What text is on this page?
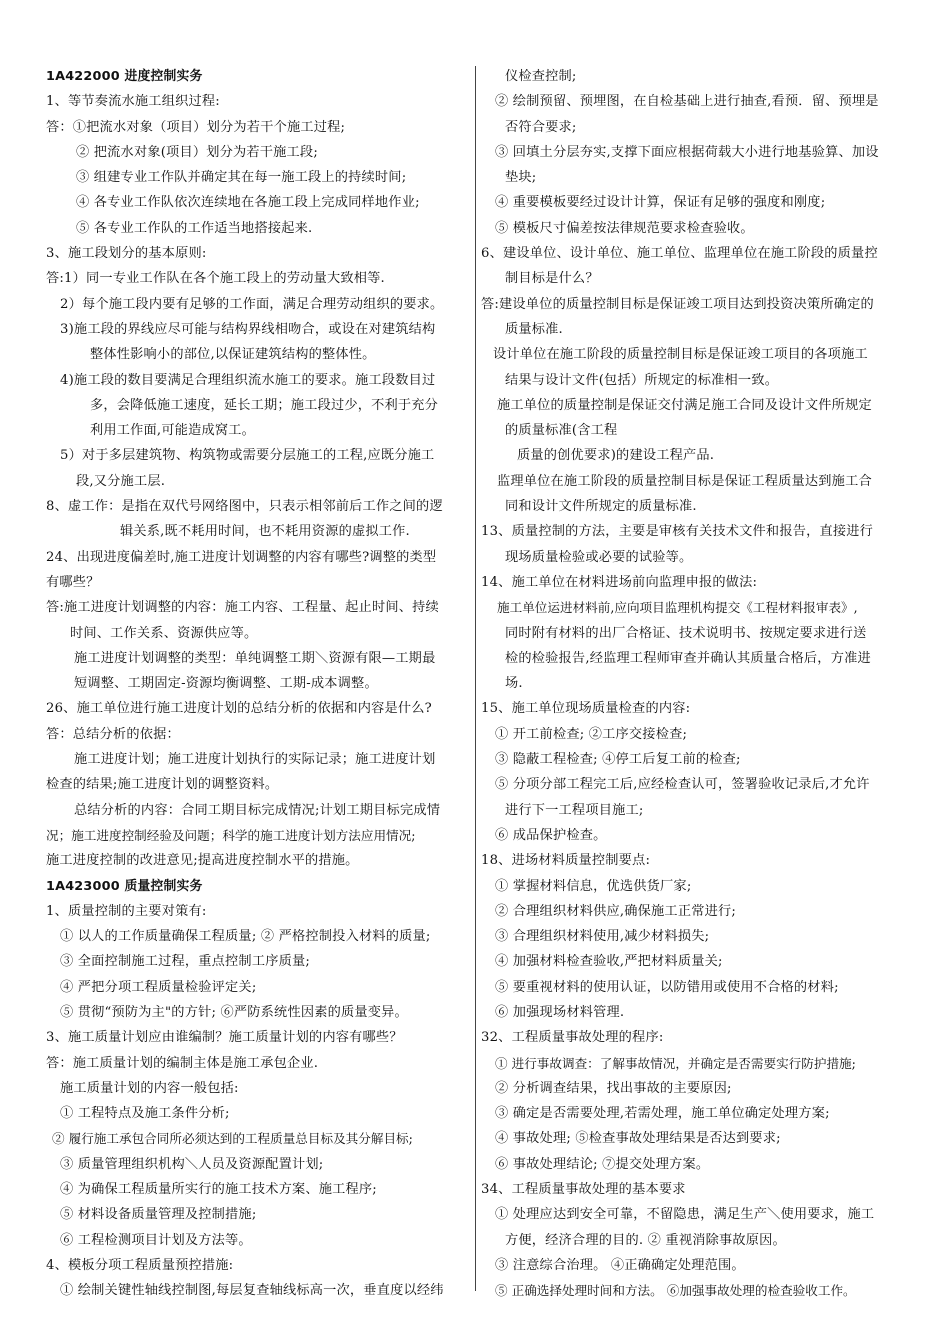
1A422000 进度控制实务
1、等节奏流水施工组织过程:
答：①把流水对象（项目）划分为若干个施工过程;
② 把流水对象(项目）划分为若干施工段;
③ 组建专业工作队并确定其在每一施工段上的持续时间;
④ 各专业工作队依次连续地在各施工段上完成同样地作业;
⑤ 各专业工作队的工作适当地搭接起来.
3、施工段划分的基本原则:
答:1）同一专业工作队在各个施工段上的劳动量大致相等.
2）每个施工段内要有足够的工作面，满足合理劳动组织的要求。
3)施工段的界线应尽可能与结构界线相吻合，或设在对建筑结构
整体性影响小的部位,以保证建筑结构的整体性。
4)施工段的数目要满足合理组织流水施工的要求。施工段数目过
多，会降低施工速度，延长工期；施工段过少，不利于充分
利用工作面,可能造成窝工。
5）对于多层建筑物、构筑物或需要分层施工的工程,应既分施工
段,又分施工层.
8、虚工作：是指在双代号网络图中，只表示相邻前后工作之间的逻
辑关系,既不耗用时间，也不耗用资源的虚拟工作.
24、出现进度偏差时,施工进度计划调整的内容有哪些?调整的类型
有哪些？
答:施工进度计划调整的内容：施工内容、工程量、起止时间、持续
时间、工作关系、资源供应等。
施工进度计划调整的类型：单纯调整工期＼资源有限—工期最
短调整、工期固定-资源均衡调整、工期-成本调整。
26、施工单位进行施工进度计划的总结分析的依据和内容是什么?
答：总结分析的依据：
施工进度计划；施工进度计划执行的实际记录；施工进度计划
检查的结果;施工进度计划的调整资料。
总结分析的内容：合同工期目标完成情况;计划工期目标完成情
况；施工进度控制经验及问题；科学的施工进度计划方法应用情况;
施工进度控制的改进意见;提高进度控制水平的措施。
1A423000 质量控制实务
1、质量控制的主要对策有:
① 以人的工作质量确保工程质量; ② 严格控制投入材料的质量;
③ 全面控制施工过程，重点控制工序质量;
④ 严把分项工程质量检验评定关;
⑤ 贯彻“预防为主"的方针; ⑥严防系统性因素的质量变异。
3、施工质量计划应由谁编制？施工质量计划的内容有哪些？
答：施工质量计划的编制主体是施工承包企业.
施工质量计划的内容一般包括:
① 工程特点及施工条件分析;
② 履行施工承包合同所必须达到的工程质量总目标及其分解目标;
③ 质量管理组织机构＼人员及资源配置计划;
④ 为确保工程质量所实行的施工技术方案、施工程序;
⑤ 材料设备质量管理及控制措施;
⑥ 工程检测项目计划及方法等。
4、模板分项工程质量预控措施:
① 绘制关键性轴线控制图,每层复查轴线标高一次，垂直度以经纬
仪检查控制;
② 绘制预留、预埋图，在自检基础上进行抽查,看预．留、预埋是
否符合要求;
③ 回填土分层夯实,支撑下面应根据荷载大小进行地基验算、加设
垫块;
④ 重要模板要经过设计计算，保证有足够的强度和刚度;
⑤ 模板尺寸偏差按法律规范要求检查验收。
6、建设单位、设计单位、施工单位、监理单位在施工阶段的质量控
制目标是什么？
答:建设单位的质量控制目标是保证竣工项目达到投资决策所确定的
质量标准.
设计单位在施工阶段的质量控制目标是保证竣工项目的各项施工
结果与设计文件(包括）所规定的标准相一致。
施工单位的质量控制是保证交付满足施工合同及设计文件所规定
的质量标准(含工程
质量的创优要求)的建设工程产品.
监理单位在施工阶段的质量控制目标是保证工程质量达到施工合
同和设计文件所规定的质量标准.
13、质量控制的方法，主要是审核有关技术文件和报告，直接进行
现场质量检验或必要的试验等。
14、施工单位在材料进场前向监理申报的做法:
施工单位运进材料前,应向项目监理机构提交《工程材料报审表》,
同时附有材料的出厂合格证、技术说明书、按规定要求进行送
检的检验报告,经监理工程师审查并确认其质量合格后，方准进
场.
15、施工单位现场质量检查的内容:
① 开工前检查; ②工序交接检查;
③ 隐蔽工程检查; ④停工后复工前的检查;
⑤ 分项分部工程完工后,应经检查认可，签署验收记录后,才允许
进行下一工程项目施工;
⑥ 成品保护检查。
18、进场材料质量控制要点:
① 掌握材料信息，优选供货厂家;
② 合理组织材料供应,确保施工正常进行;
③ 合理组织材料使用,减少材料损失;
④ 加强材料检查验收,严把材料质量关;
⑤ 要重视材料的使用认证，以防错用或使用不合格的材料;
⑥ 加强现场材料管理.
32、工程质量事故处理的程序:
① 进行事故调查：了解事故情况，并确定是否需要实行防护措施;
② 分析调查结果，找出事故的主要原因;
③ 确定是否需要处理,若需处理，施工单位确定处理方案;
④ 事故处理; ⑤检查事故处理结果是否达到要求;
⑥ 事故处理结论; ⑦提交处理方案。
34、工程质量事故处理的基本要求
① 处理应达到安全可靠，不留隐患，满足生产＼使用要求，施工
方便，经济合理的目的. ② 重视消除事故原因。
③ 注意综合治理。 ④正确确定处理范围。
⑤ 正确选择处理时间和方法。 ⑥加强事故处理的检查验收工作。
